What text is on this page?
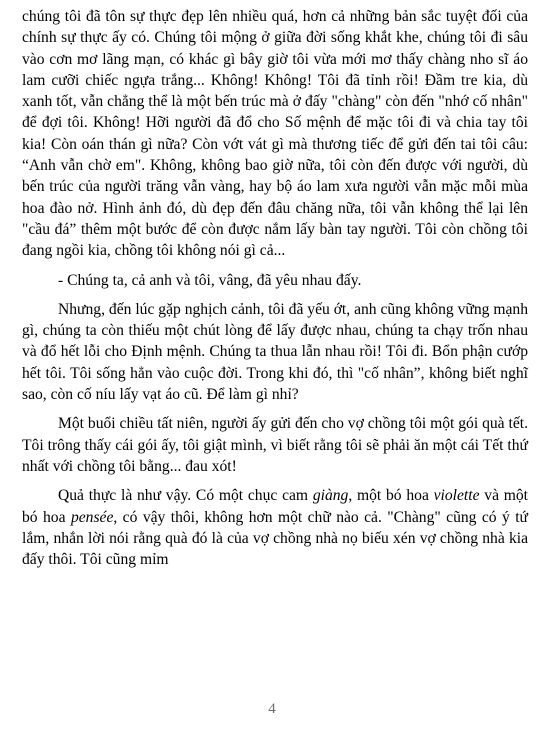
chúng tôi đã tôn sự thực đẹp lên nhiều quá, hơn cả những bản sắc tuyệt đối của chính sự thực ấy có. Chúng tôi mộng ở giữa đời sống khắt khe, chúng tôi đi sâu vào cơn mơ lãng mạn, có khác gì bây giờ tôi vừa mới mơ thấy chàng nho sĩ áo lam cưỡi chiếc ngựa trắng... Không! Không! Tôi đã tỉnh rồi! Đầm tre kia, dù xanh tốt, vẫn chẳng thể là một bến trúc mà ở đấy "chàng" còn đến "nhớ cố nhân" để đợi tôi. Không! Hỡi người đã đổ cho Số mệnh để mặc tôi đi và chia tay tôi kia! Còn oán thán gì nữa? Còn vớt vát gì mà thương tiếc để gửi đến tai tôi câu: “Anh vẫn chờ em". Không, không bao giờ nữa, tôi còn đến được với người, dù bến trúc của người trăng vẫn vàng, hay bộ áo lam xưa người vẫn mặc mỗi mùa hoa đào nở. Hình ảnh đó, dù đẹp đến đâu chăng nữa, tôi vẫn không thể lại lên "cầu đá” thêm một bước để còn được nắm lấy bàn tay người. Tôi còn chồng tôi đang ngồi kia, chồng tôi không nói gì cả...

- Chúng ta, cả anh và tôi, vâng, đã yêu nhau đấy.

Nhưng, đến lúc gặp nghịch cảnh, tôi đã yếu ớt, anh cũng không vững mạnh gì, chúng ta còn thiếu một chút lòng để lấy được nhau, chúng ta chạy trốn nhau và đổ hết lỗi cho Định mệnh. Chúng ta thua lẫn nhau rồi! Tôi đi. Bổn phận cướp hết tôi. Tôi sống hẳn vào cuộc đời. Trong khi đó, thì "cố nhân”, không biết nghĩ sao, còn cố níu lấy vạt áo cũ. Để làm gì nhỉ?

Một buổi chiều tất niên, người ấy gửi đến cho vợ chồng tôi một gói quà tết. Tôi trông thấy cái gói ấy, tôi giật mình, vì biết rằng tôi sẽ phải ăn một cái Tết thứ nhất với chồng tôi bằng... đau xót!

Quả thực là như vậy. Có một chục cam giàng, một bó hoa violette và một bó hoa pensée, có vậy thôi, không hơn một chữ nào cả. "Chàng" cũng có ý tứ lắm, nhắn lời nói rằng quà đó là của vợ chồng nhà nọ biếu xén vợ chồng nhà kia đấy thôi. Tôi cũng mỉm

4
